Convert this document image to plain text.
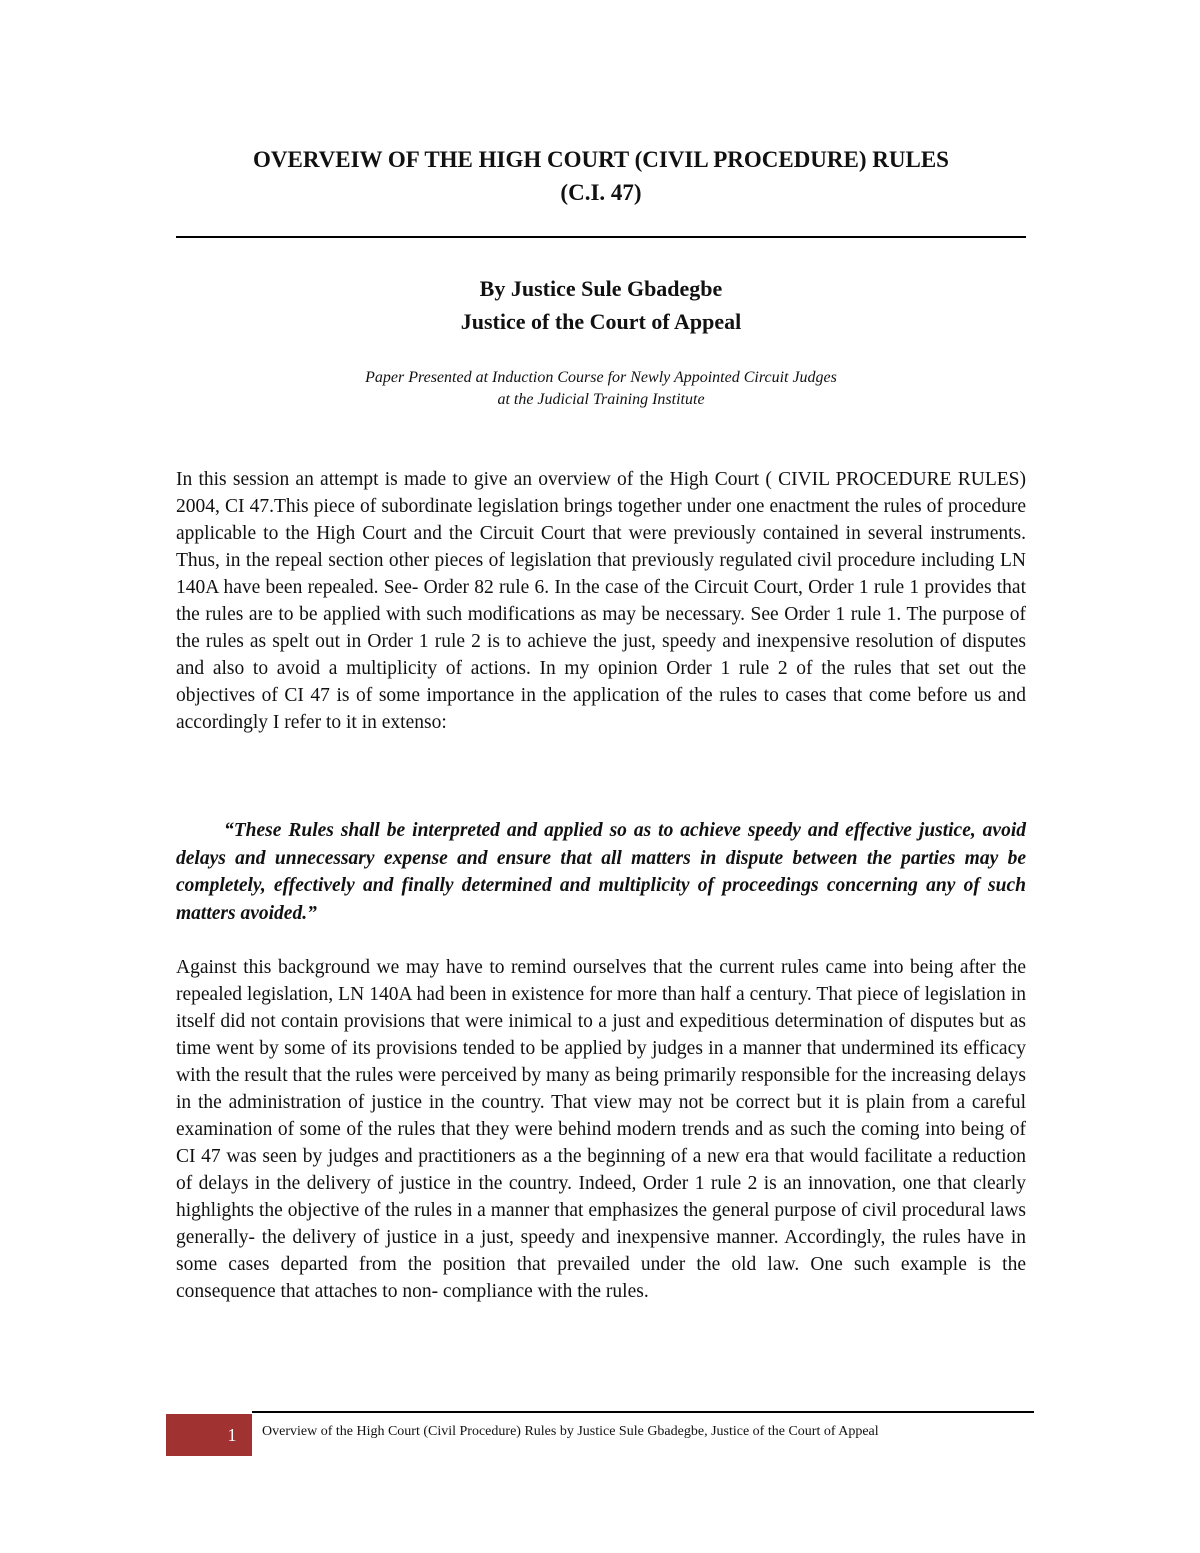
OVERVEIW OF THE HIGH COURT (CIVIL PROCEDURE) RULES
(C.I. 47)
By Justice Sule Gbadegbe
Justice of the Court of Appeal
Paper Presented at Induction Course for Newly Appointed Circuit Judges
at the Judicial Training Institute

In this session an attempt is made to give an overview of the High Court ( CIVIL PROCEDURE RULES) 2004, CI 47.This piece of subordinate legislation brings together under one enactment the rules of procedure applicable to the High Court and the Circuit Court that were previously contained in several instruments. Thus, in the repeal section other pieces of legislation that previously regulated civil procedure including LN 140A have been repealed. See- Order 82 rule 6. In the case of the Circuit Court, Order 1 rule 1 provides that the rules are to be applied with such modifications as may be necessary. See Order 1 rule 1. The purpose of the rules as spelt out in Order 1 rule 2 is to achieve the just, speedy and inexpensive resolution of disputes and also to avoid a multiplicity of actions. In my opinion Order 1 rule 2 of the rules that set out the objectives of CI 47 is of some importance in the application of the rules to cases that come before us and accordingly I refer to it in extenso:

“These Rules shall be interpreted and applied so as to achieve speedy and effective justice, avoid delays and unnecessary expense and ensure that all matters in dispute between the parties may be completely, effectively and finally determined and multiplicity of proceedings concerning any of such matters avoided.”

Against this background we may have to remind ourselves that the current rules came into being after the repealed legislation, LN 140A had been in existence for more than half a century. That piece of legislation in itself did not contain provisions that were inimical to a just and expeditious determination of disputes but as time went by some of its provisions tended to be applied by judges in a manner that undermined its efficacy with the result that the rules were perceived by many as being primarily responsible for the increasing delays in the administration of justice in the country. That view may not be correct but it is plain from a careful examination of some of the rules that they were behind modern trends and as such the coming into being of CI 47 was seen by judges and practitioners as a the beginning of a new era that would facilitate a reduction of delays in the delivery of justice in the country. Indeed, Order 1 rule 2 is an innovation, one that clearly highlights the objective of the rules in a manner that emphasizes the general purpose of civil procedural laws generally- the delivery of justice in a just, speedy and inexpensive manner. Accordingly, the rules have in some cases departed from the position that prevailed under the old law. One such example is the consequence that attaches to non- compliance with the rules.

1	Overview of the High Court (Civil Procedure) Rules by Justice Sule Gbadegbe, Justice of the Court of Appeal
